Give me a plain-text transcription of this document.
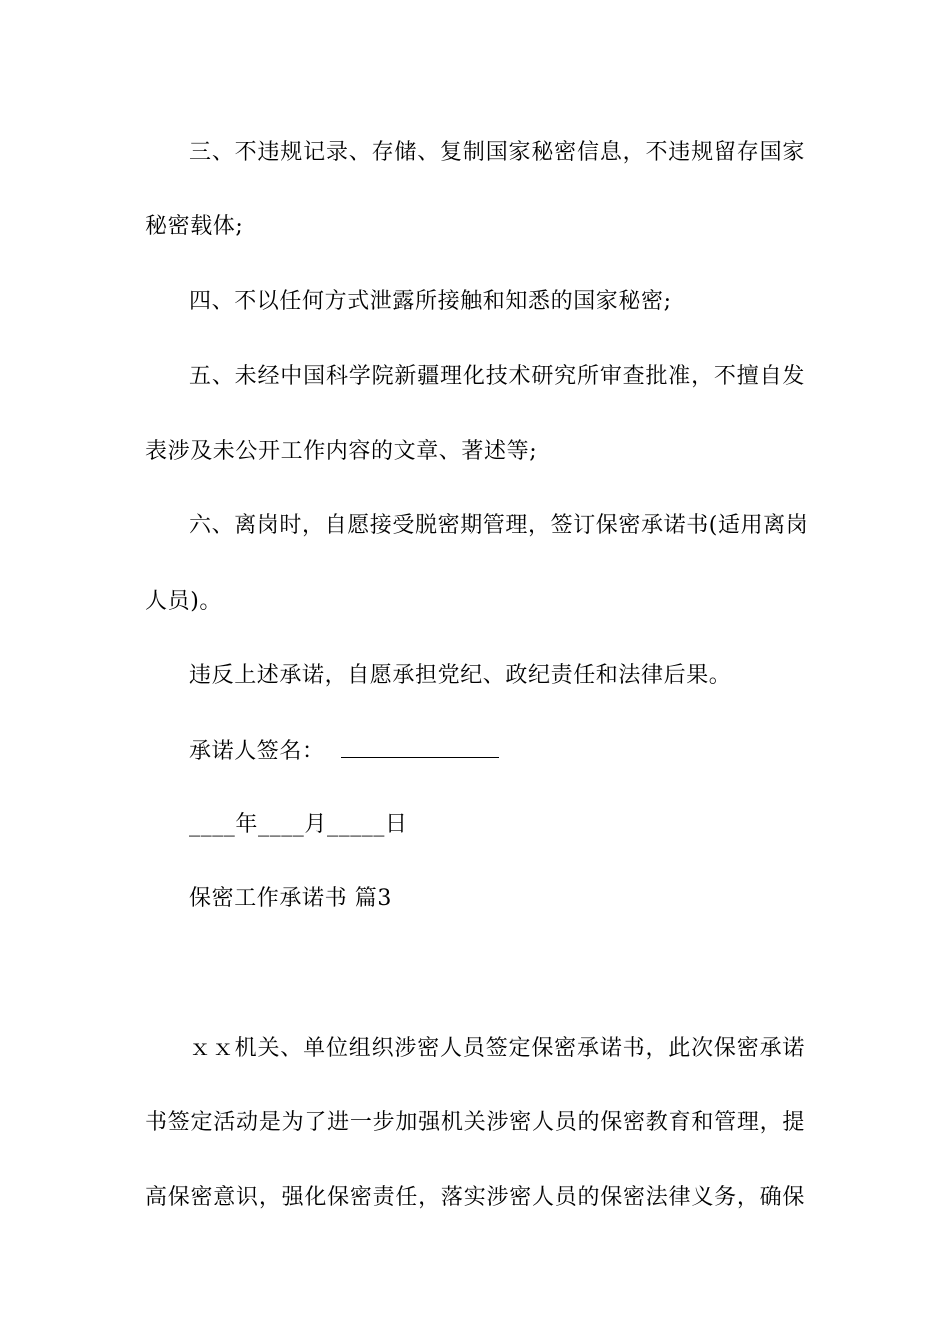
三、不违规记录、存储、复制国家秘密信息，不违规留存国家
秘密载体;
四、不以任何方式泄露所接触和知悉的国家秘密;
五、未经中国科学院新疆理化技术研究所审查批准，不擅自发
表涉及未公开工作内容的文章、著述等;
六、离岗时，自愿接受脱密期管理，签订保密承诺书(适用离岗
人员)。
违反上述承诺，自愿承担党纪、政纪责任和法律后果。
承诺人签名：
____年____月_____日
保密工作承诺书 篇3
ｘｘ机关、单位组织涉密人员签定保密承诺书，此次保密承诺
书签定活动是为了进一步加强机关涉密人员的保密教育和管理，提
高保密意识，强化保密责任，落实涉密人员的保密法律义务，确保
